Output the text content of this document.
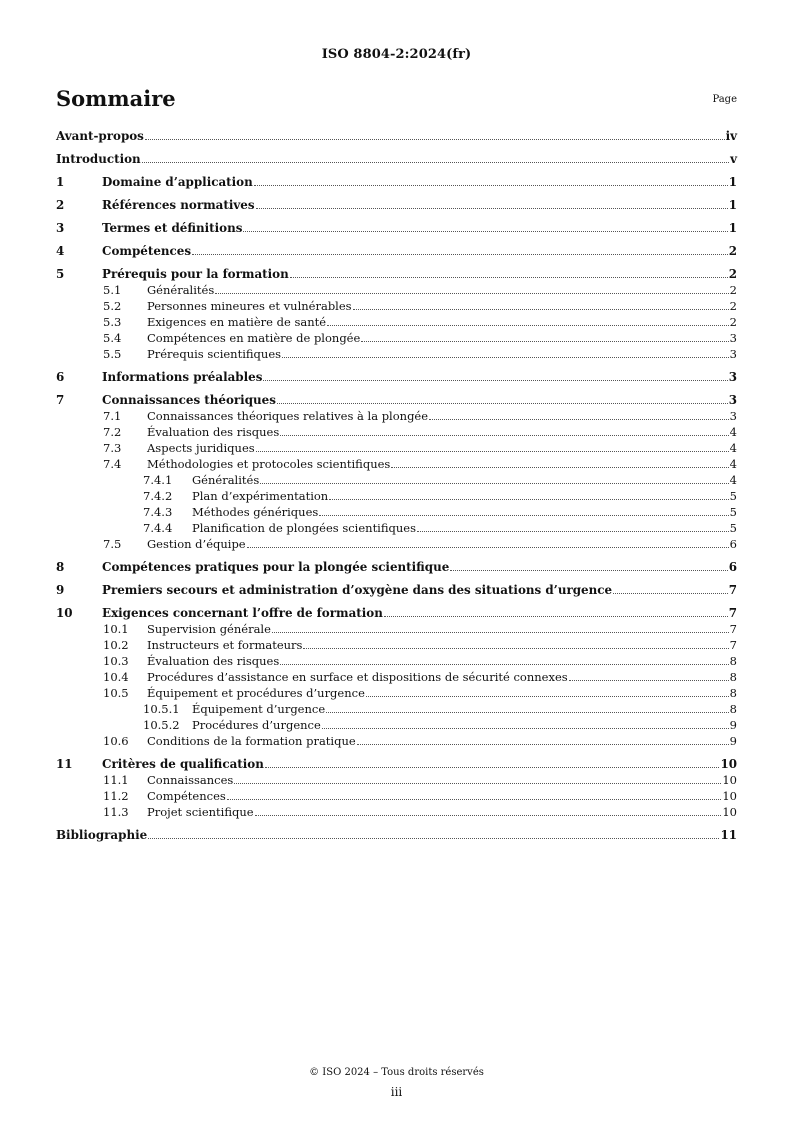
ISO 8804-2:2024(fr)
Sommaire	Page
Avant-propos	iv
Introduction	v
1	Domaine d’application	1
2	Références normatives	1
3	Termes et définitions	1
4	Compétences	2
5	Prérequis pour la formation	2
5.1 Généralités	2
5.2 Personnes mineures et vulnérables	2
5.3 Exigences en matière de santé	2
5.4 Compétences en matière de plongée	3
5.5 Prérequis scientifiques	3
6	Informations préalables	3
7	Connaissances théoriques	3
7.1 Connaissances théoriques relatives à la plongée	3
7.2 Évaluation des risques	4
7.3 Aspects juridiques	4
7.4 Méthodologies et protocoles scientifiques	4
7.4.1 Généralités	4
7.4.2 Plan d’expérimentation	5
7.4.3 Méthodes génériques	5
7.4.4 Planification de plongées scientifiques	5
7.5 Gestion d’équipe	6
8	Compétences pratiques pour la plongée scientifique	6
9	Premiers secours et administration d’oxygène dans des situations d’urgence	7
10 Exigences concernant l’offre de formation	7
10.1 Supervision générale	7
10.2 Instructeurs et formateurs	7
10.3 Évaluation des risques	8
10.4 Procédures d’assistance en surface et dispositions de sécurité connexes	8
10.5 Équipement et procédures d’urgence	8
10.5.1 Équipement d’urgence	8
10.5.2 Procédures d’urgence	9
10.6 Conditions de la formation pratique	9
11 Critères de qualification	10
11.1 Connaissances	10
11.2 Compétences	10
11.3 Projet scientifique	10
Bibliographie	11
© ISO 2024 – Tous droits réservés
iii
